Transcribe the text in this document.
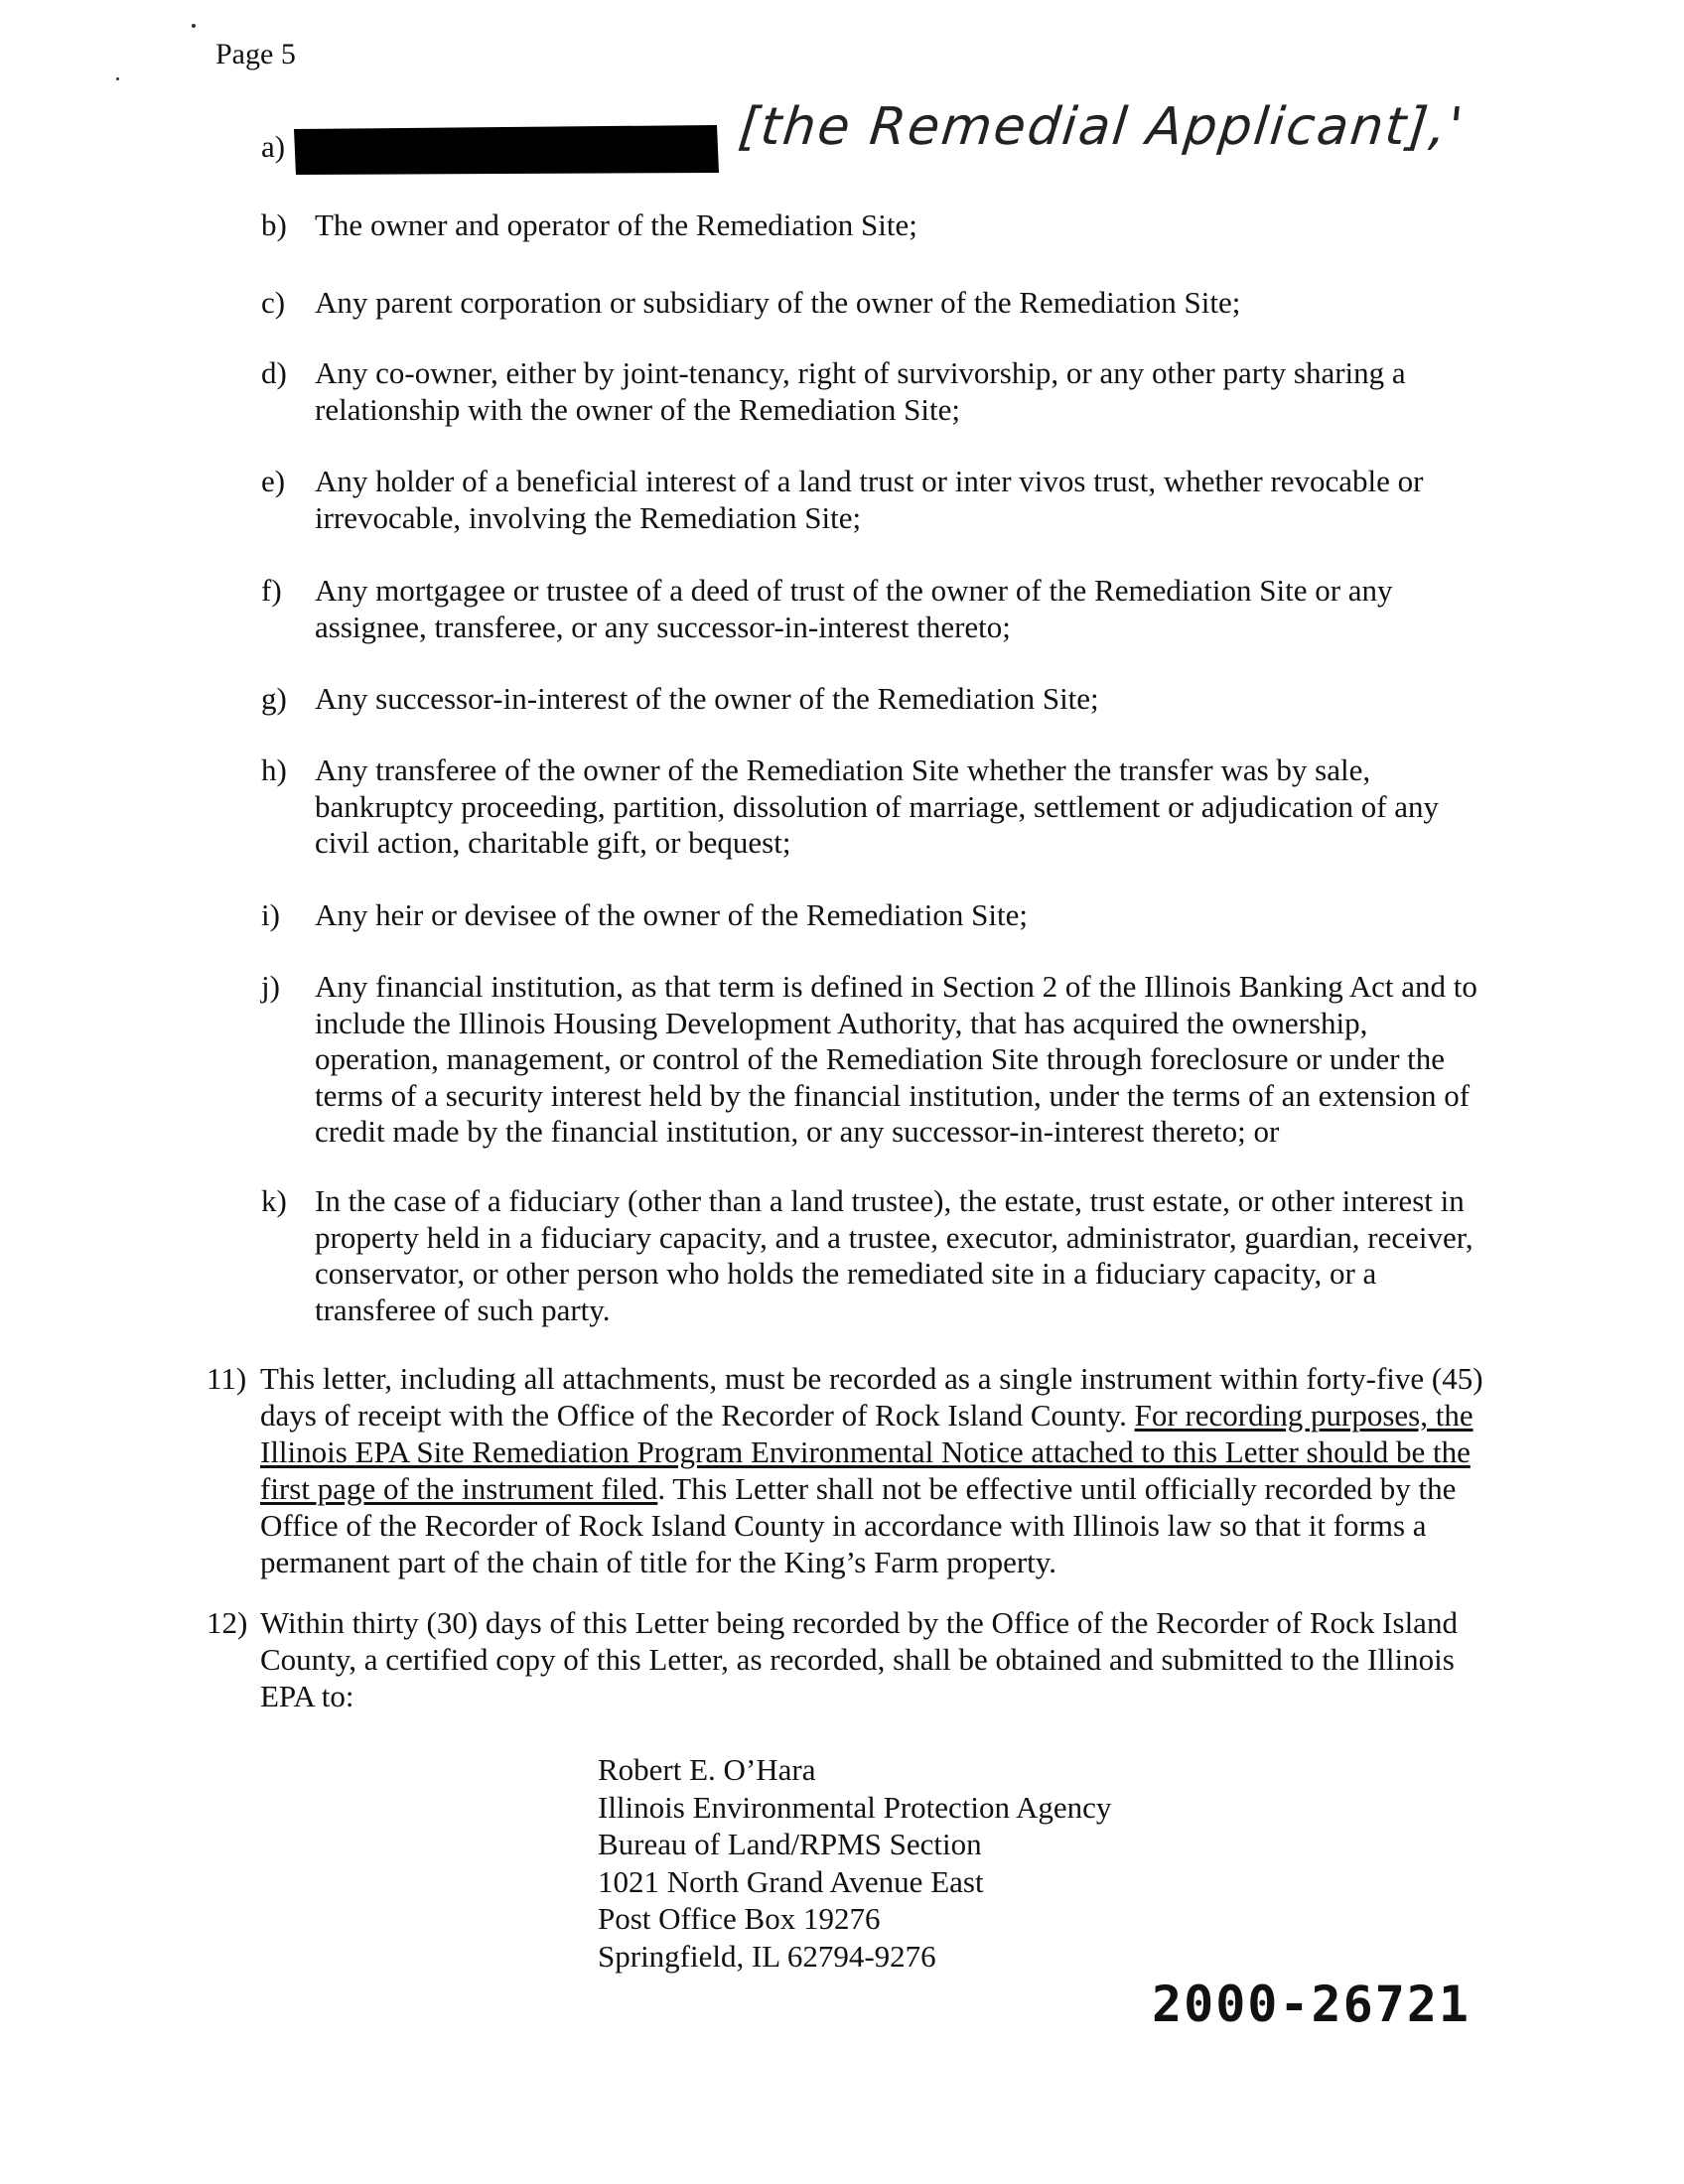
Page 5
a)	[the Remedial Applicant],'
b) The owner and operator of the Remediation Site;
c) Any parent corporation or subsidiary of the owner of the Remediation Site;
d) Any co-owner, either by joint-tenancy, right of survivorship, or any other party sharing a relationship with the owner of the Remediation Site;
e) Any holder of a beneficial interest of a land trust or inter vivos trust, whether revocable or irrevocable, involving the Remediation Site;
f) Any mortgagee or trustee of a deed of trust of the owner of the Remediation Site or any assignee, transferee, or any successor-in-interest thereto;
g) Any successor-in-interest of the owner of the Remediation Site;
h) Any transferee of the owner of the Remediation Site whether the transfer was by sale, bankruptcy proceeding, partition, dissolution of marriage, settlement or adjudication of any civil action, charitable gift, or bequest;
i) Any heir or devisee of the owner of the Remediation Site;
j) Any financial institution, as that term is defined in Section 2 of the Illinois Banking Act and to include the Illinois Housing Development Authority, that has acquired the ownership, operation, management, or control of the Remediation Site through foreclosure or under the terms of a security interest held by the financial institution, under the terms of an extension of credit made by the financial institution, or any successor-in-interest thereto; or
k) In the case of a fiduciary (other than a land trustee), the estate, trust estate, or other interest in property held in a fiduciary capacity, and a trustee, executor, administrator, guardian, receiver, conservator, or other person who holds the remediated site in a fiduciary capacity, or a transferee of such party.
11) This letter, including all attachments, must be recorded as a single instrument within forty-five (45) days of receipt with the Office of the Recorder of Rock Island County. For recording purposes, the Illinois EPA Site Remediation Program Environmental Notice attached to this Letter should be the first page of the instrument filed. This Letter shall not be effective until officially recorded by the Office of the Recorder of Rock Island County in accordance with Illinois law so that it forms a permanent part of the chain of title for the King’s Farm property.
12) Within thirty (30) days of this Letter being recorded by the Office of the Recorder of Rock Island County, a certified copy of this Letter, as recorded, shall be obtained and submitted to the Illinois EPA to:
Robert E. O’Hara
Illinois Environmental Protection Agency
Bureau of Land/RPMS Section
1021 North Grand Avenue East
Post Office Box 19276
Springfield, IL 62794-9276
2000-26721
